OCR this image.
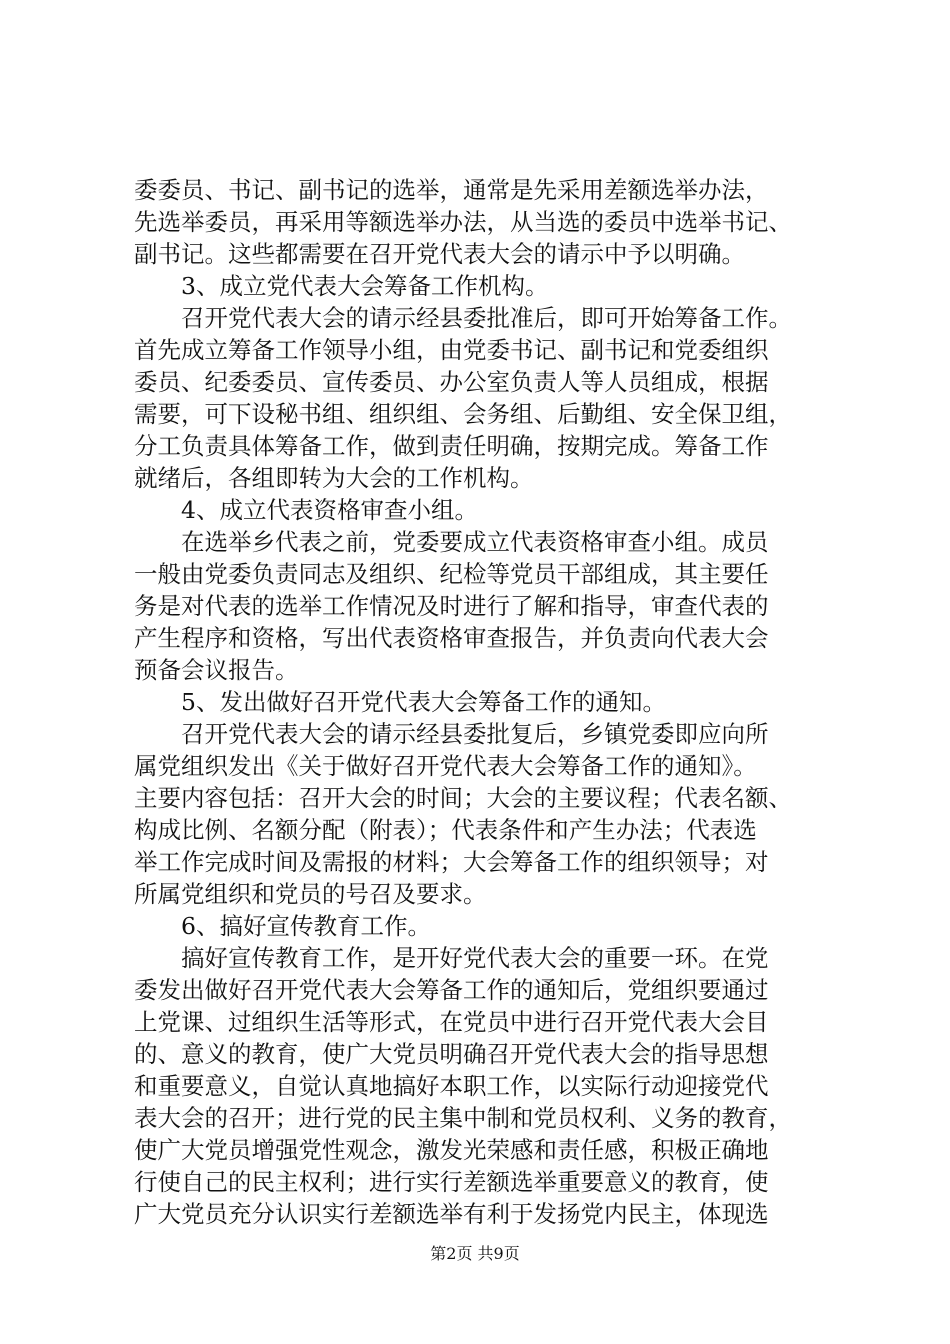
委委员、书记、副书记的选举，通常是先采用差额选举办法，
先选举委员，再采用等额选举办法，从当选的委员中选举书记、
副书记。这些都需要在召开党代表大会的请示中予以明确。
　　3、成立党代表大会筹备工作机构。
　　召开党代表大会的请示经县委批准后，即可开始筹备工作。
首先成立筹备工作领导小组，由党委书记、副书记和党委组织
委员、纪委委员、宣传委员、办公室负责人等人员组成，根据
需要，可下设秘书组、组织组、会务组、后勤组、安全保卫组，
分工负责具体筹备工作，做到责任明确，按期完成。筹备工作
就绪后，各组即转为大会的工作机构。
　　4、成立代表资格审查小组。
　　在选举乡代表之前，党委要成立代表资格审查小组。成员
一般由党委负责同志及组织、纪检等党员干部组成，其主要任
务是对代表的选举工作情况及时进行了解和指导，审查代表的
产生程序和资格，写出代表资格审查报告，并负责向代表大会
预备会议报告。
　　5、发出做好召开党代表大会筹备工作的通知。
　　召开党代表大会的请示经县委批复后，乡镇党委即应向所
属党组织发出《关于做好召开党代表大会筹备工作的通知》。
主要内容包括：召开大会的时间；大会的主要议程；代表名额、
构成比例、名额分配（附表）；代表条件和产生办法；代表选
举工作完成时间及需报的材料；大会筹备工作的组织领导；对
所属党组织和党员的号召及要求。
　　6、搞好宣传教育工作。
　　搞好宣传教育工作，是开好党代表大会的重要一环。在党
委发出做好召开党代表大会筹备工作的通知后，党组织要通过
上党课、过组织生活等形式，在党员中进行召开党代表大会目
的、意义的教育，使广大党员明确召开党代表大会的指导思想
和重要意义，自觉认真地搞好本职工作，以实际行动迎接党代
表大会的召开；进行党的民主集中制和党员权利、义务的教育，
使广大党员增强党性观念，激发光荣感和责任感，积极正确地
行使自己的民主权利；进行实行差额选举重要意义的教育，使
广大党员充分认识实行差额选举有利于发扬党内民主，体现选
第2页 共9页
